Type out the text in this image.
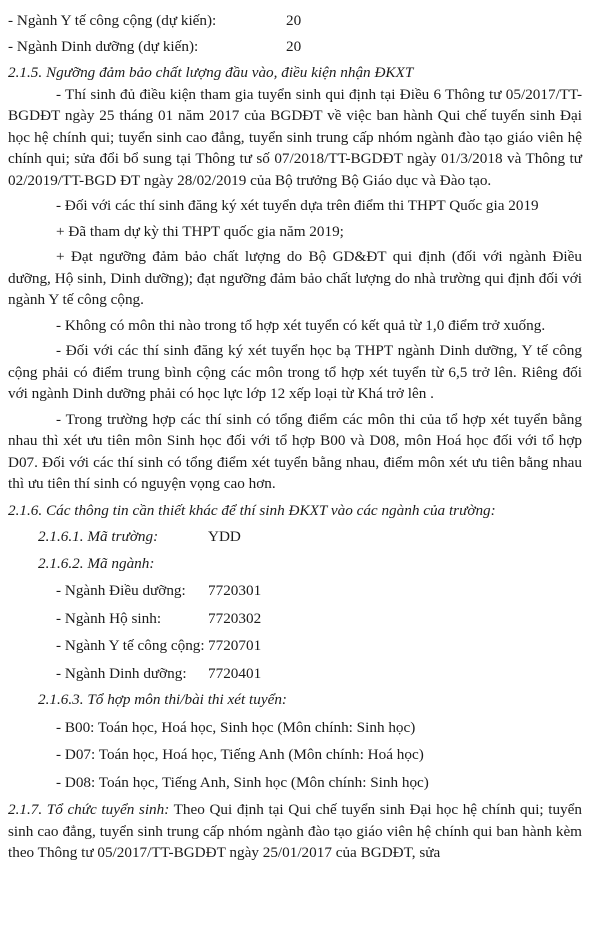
- Ngành Y tế công cộng (dự kiến):	20
- Ngành Dinh dưỡng (dự kiến):	20
2.1.5. Ngưỡng đảm bảo chất lượng đầu vào, điều kiện nhận ĐKXT
- Thí sinh đủ điều kiện tham gia tuyển sinh qui định tại Điều 6 Thông tư 05/2017/TT-BGDĐT ngày 25 tháng 01 năm 2017 của BGDĐT về việc ban hành Qui chế tuyển sinh Đại học hệ chính qui; tuyển sinh cao đẳng, tuyển sinh trung cấp nhóm ngành đào tạo giáo viên hệ chính qui; sửa đổi bổ sung tại Thông tư số 07/2018/TT-BGDĐT ngày 01/3/2018 và Thông tư 02/2019/TT-BGD ĐT ngày 28/02/2019 của Bộ trưởng Bộ Giáo dục và Đào tạo.
- Đối với các thí sinh đăng ký xét tuyển dựa trên điểm thi THPT Quốc gia 2019
+ Đã tham dự kỳ thi THPT quốc gia năm 2019;
+ Đạt ngưỡng đảm bảo chất lượng do Bộ GD&ĐT qui định (đối với ngành Điều dưỡng, Hộ sinh, Dinh dưỡng); đạt ngưỡng đảm bảo chất lượng do nhà trường qui định đối với ngành Y tế công cộng.
- Không có môn thi nào trong tổ hợp xét tuyển có kết quả từ 1,0 điểm trở xuống.
- Đối với các thí sinh đăng ký xét tuyển học bạ THPT ngành Dinh dưỡng, Y tế công cộng phải có điểm trung bình cộng các môn trong tổ hợp xét tuyển từ 6,5 trở lên. Riêng đối với ngành Dinh dưỡng phải có học lực lớp 12 xếp loại từ Khá trở lên .
- Trong trường hợp các thí sinh có tổng điểm các môn thi của tổ hợp xét tuyển bằng nhau thì xét ưu tiên môn Sinh học đối với tổ hợp B00 và D08, môn Hoá học đối với tổ hợp D07. Đối với các thí sinh có tổng điểm xét tuyển bằng nhau, điểm môn xét ưu tiên bằng nhau thì ưu tiên thí sinh có nguyện vọng cao hơn.
2.1.6. Các thông tin cần thiết khác để thí sinh ĐKXT vào các ngành của trường:
2.1.6.1. Mã trường:	YDD
2.1.6.2. Mã ngành:
- Ngành Điều dưỡng:	7720301
- Ngành Hộ sinh:	7720302
- Ngành Y tế công cộng: 7720701
- Ngành Dinh dưỡng:	7720401
2.1.6.3. Tổ hợp môn thi/bài thi xét tuyển:
- B00: Toán học, Hoá học, Sinh học (Môn chính: Sinh học)
- D07: Toán học, Hoá học, Tiếng Anh (Môn chính: Hoá học)
- D08: Toán học, Tiếng Anh, Sinh học (Môn chính: Sinh học)
2.1.7. Tổ chức tuyển sinh: Theo Qui định tại Qui chế tuyển sinh Đại học hệ chính qui; tuyển sinh cao đẳng, tuyển sinh trung cấp nhóm ngành đào tạo giáo viên hệ chính qui ban hành kèm theo Thông tư 05/2017/TT-BGDĐT ngày 25/01/2017 của BGDĐT, sửa
